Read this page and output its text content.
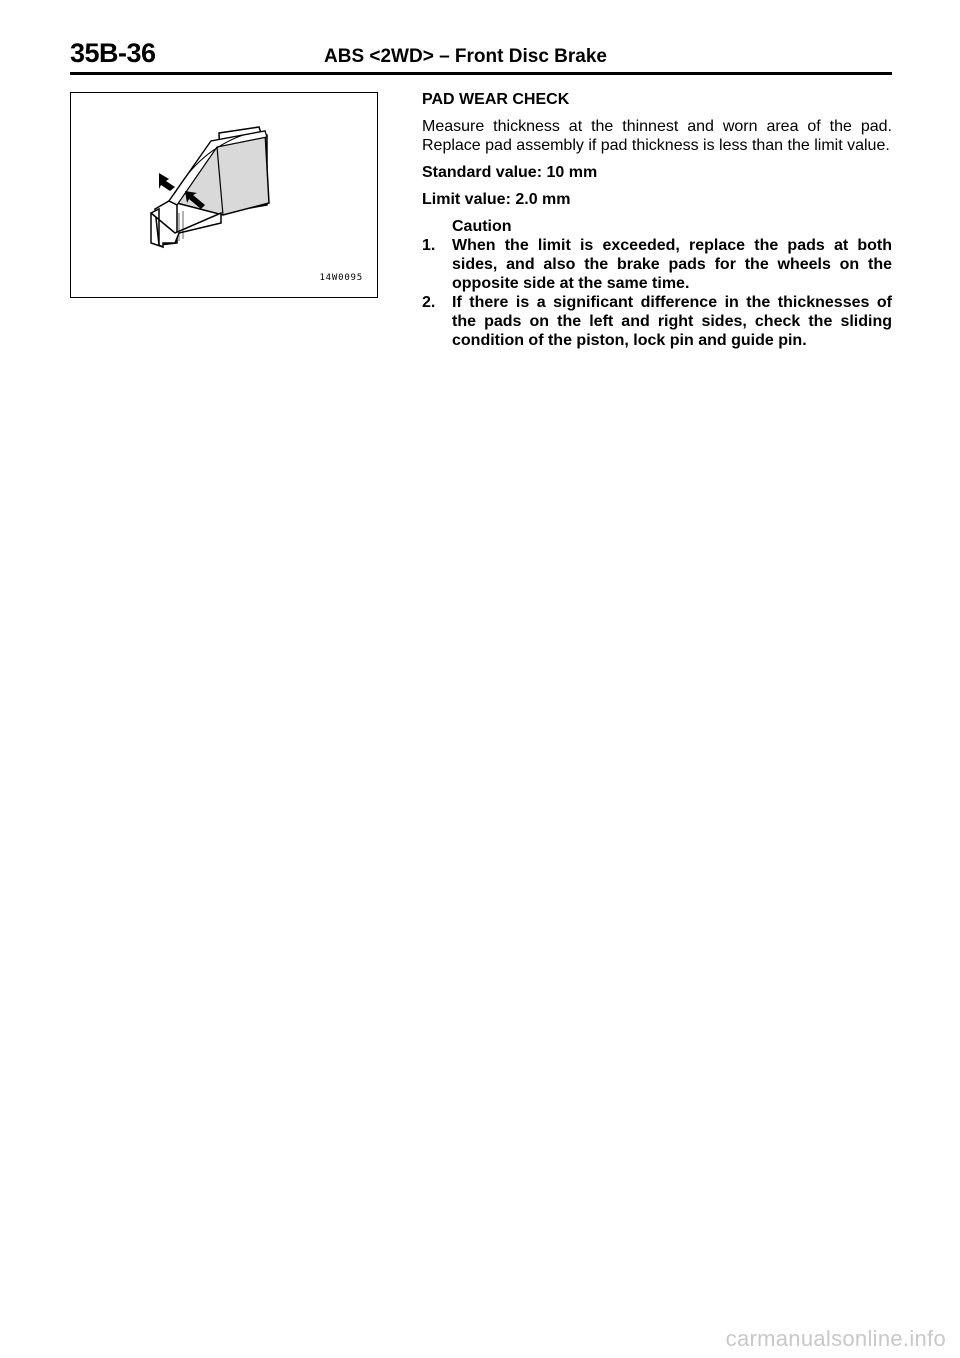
35B-36	ABS <2WD> – Front Disc Brake
14W0095

PAD WEAR CHECK

Measure thickness at the thinnest and worn area of the pad. Replace pad assembly if pad thickness is less than the limit value.

Standard value: 10 mm

Limit value: 2.0 mm

Caution

1.	When the limit is exceeded, replace the pads at both sides, and also the brake pads for the wheels on the opposite side at the same time.
2.	If there is a significant difference in the thicknesses of the pads on the left and right sides, check the sliding condition of the piston, lock pin and guide pin.
carmanualsonline.info
